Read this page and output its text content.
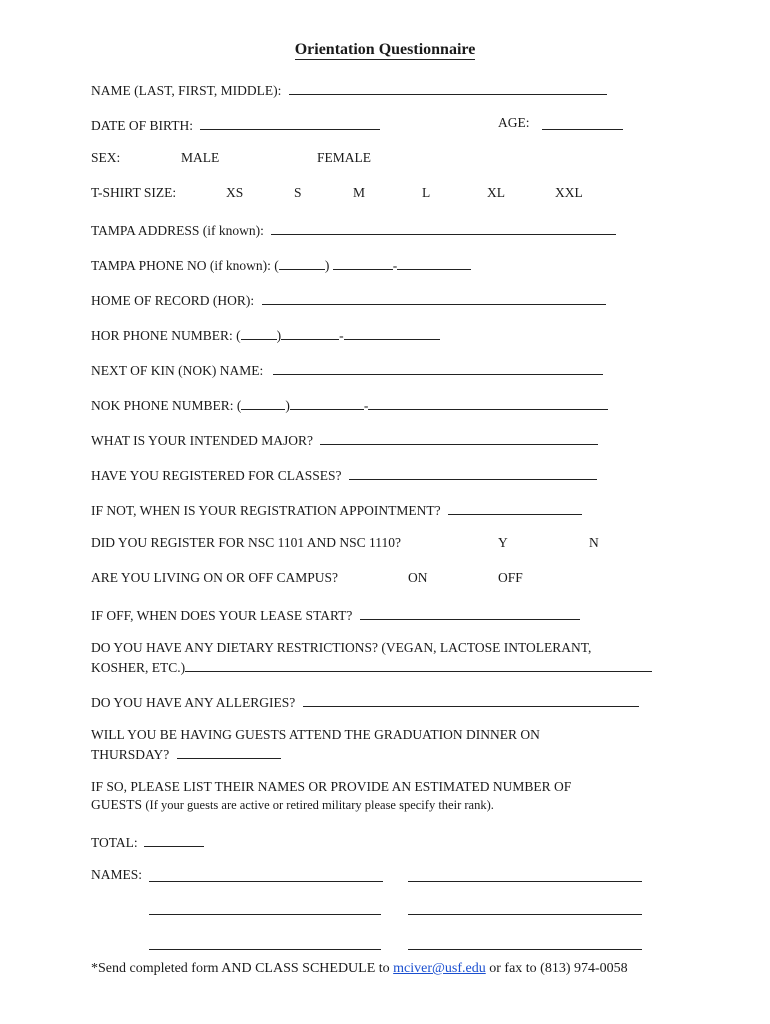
Orientation Questionnaire
NAME (LAST, FIRST, MIDDLE):
DATE OF BIRTH:	AGE:
SEX:	MALE	FEMALE
T-SHIRT SIZE:	XS	S	M	L	XL	XXL
TAMPA ADDRESS (if known):
TAMPA PHONE NO (if known): (	)	-
HOME OF RECORD (HOR):
HOR PHONE NUMBER: (	)	-
NEXT OF KIN (NOK) NAME:
NOK PHONE NUMBER: (	)	-
WHAT IS YOUR INTENDED MAJOR?
HAVE YOU REGISTERED FOR CLASSES?
IF NOT, WHEN IS YOUR REGISTRATION APPOINTMENT?
DID YOU REGISTER FOR NSC 1101 AND NSC 1110?	Y	N
ARE YOU LIVING ON OR OFF CAMPUS?	ON	OFF
IF OFF, WHEN DOES YOUR LEASE START?
DO YOU HAVE ANY DIETARY RESTRICTIONS? (VEGAN, LACTOSE INTOLERANT,
KOSHER, ETC.)
DO YOU HAVE ANY ALLERGIES?
WILL YOU BE HAVING GUESTS ATTEND THE GRADUATION DINNER ON
THURSDAY?
IF SO, PLEASE LIST THEIR NAMES OR PROVIDE AN ESTIMATED NUMBER OF
GUESTS (If your guests are active or retired military please specify their rank).
TOTAL:
NAMES:
*Send completed form AND CLASS SCHEDULE to mciver@usf.edu or fax to (813) 974-0058
